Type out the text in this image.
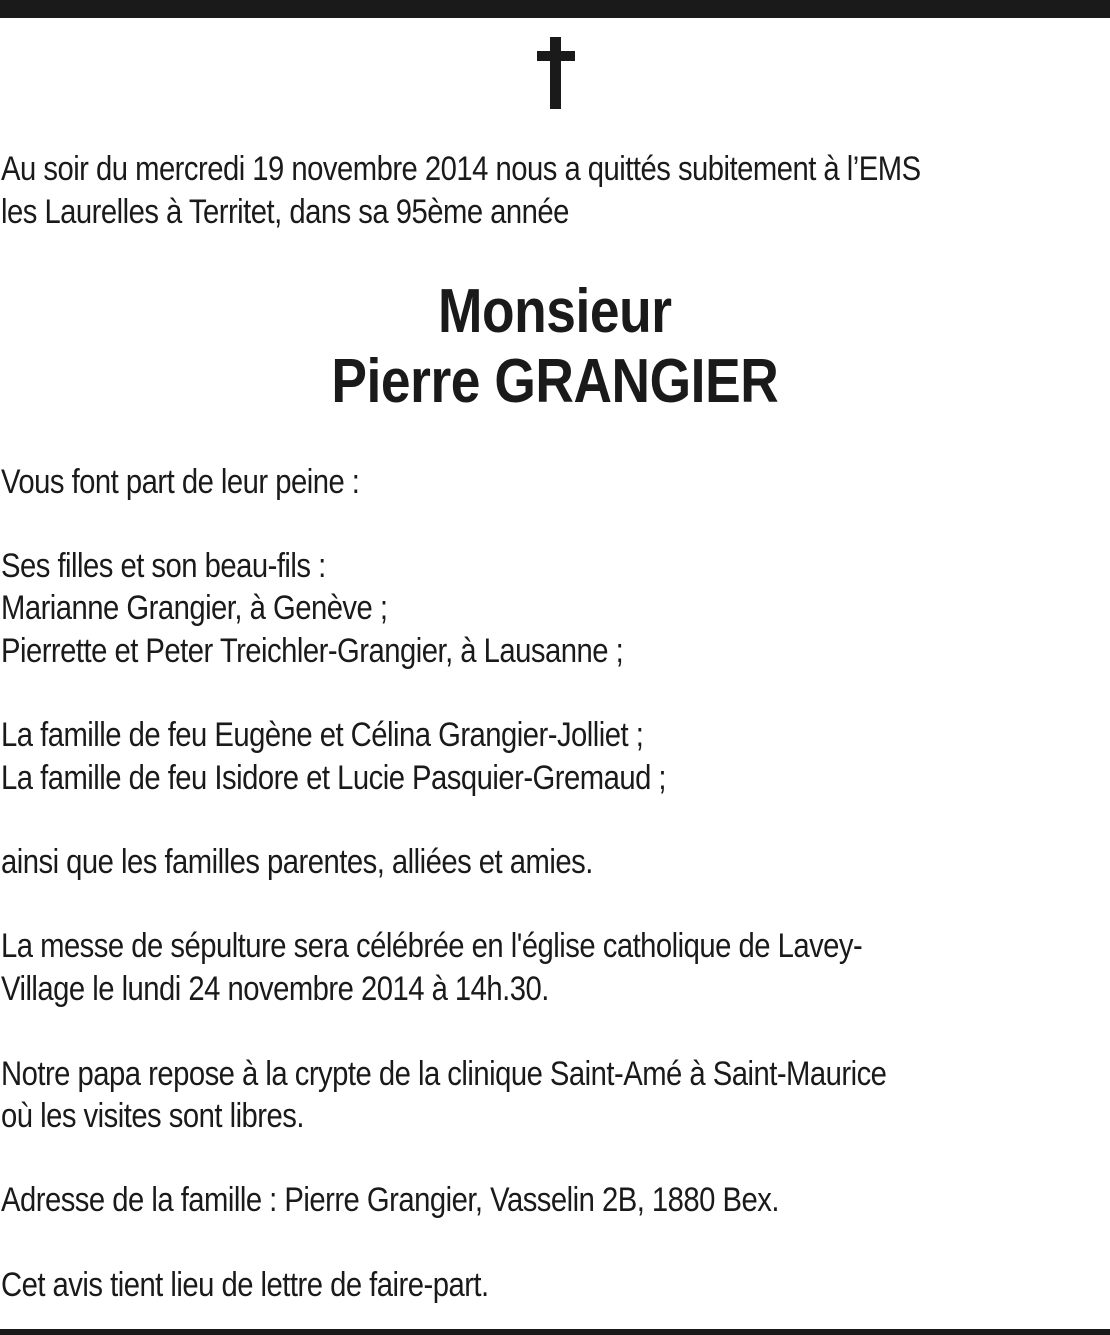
Au soir du mercredi 19 novembre 2014 nous a quittés subitement à l’EMS
les Laurelles à Territet, dans sa 95ème année
Monsieur
Pierre GRANGIER
Vous font part de leur peine :
Ses filles et son beau-fils :
Marianne Grangier, à Genève ;
Pierrette et Peter Treichler-Grangier, à Lausanne ;
La famille de feu Eugène et Célina Grangier-Jolliet ;
La famille de feu Isidore et Lucie Pasquier-Gremaud ;
ainsi que les familles parentes, alliées et amies.
La messe de sépulture sera célébrée en l'église catholique de Lavey-
Village le lundi 24 novembre 2014 à 14h.30.
Notre papa repose à la crypte de la clinique Saint-Amé à Saint-Maurice
où les visites sont libres.
Adresse de la famille : Pierre Grangier, Vasselin 2B, 1880 Bex.
Cet avis tient lieu de lettre de faire-part.
